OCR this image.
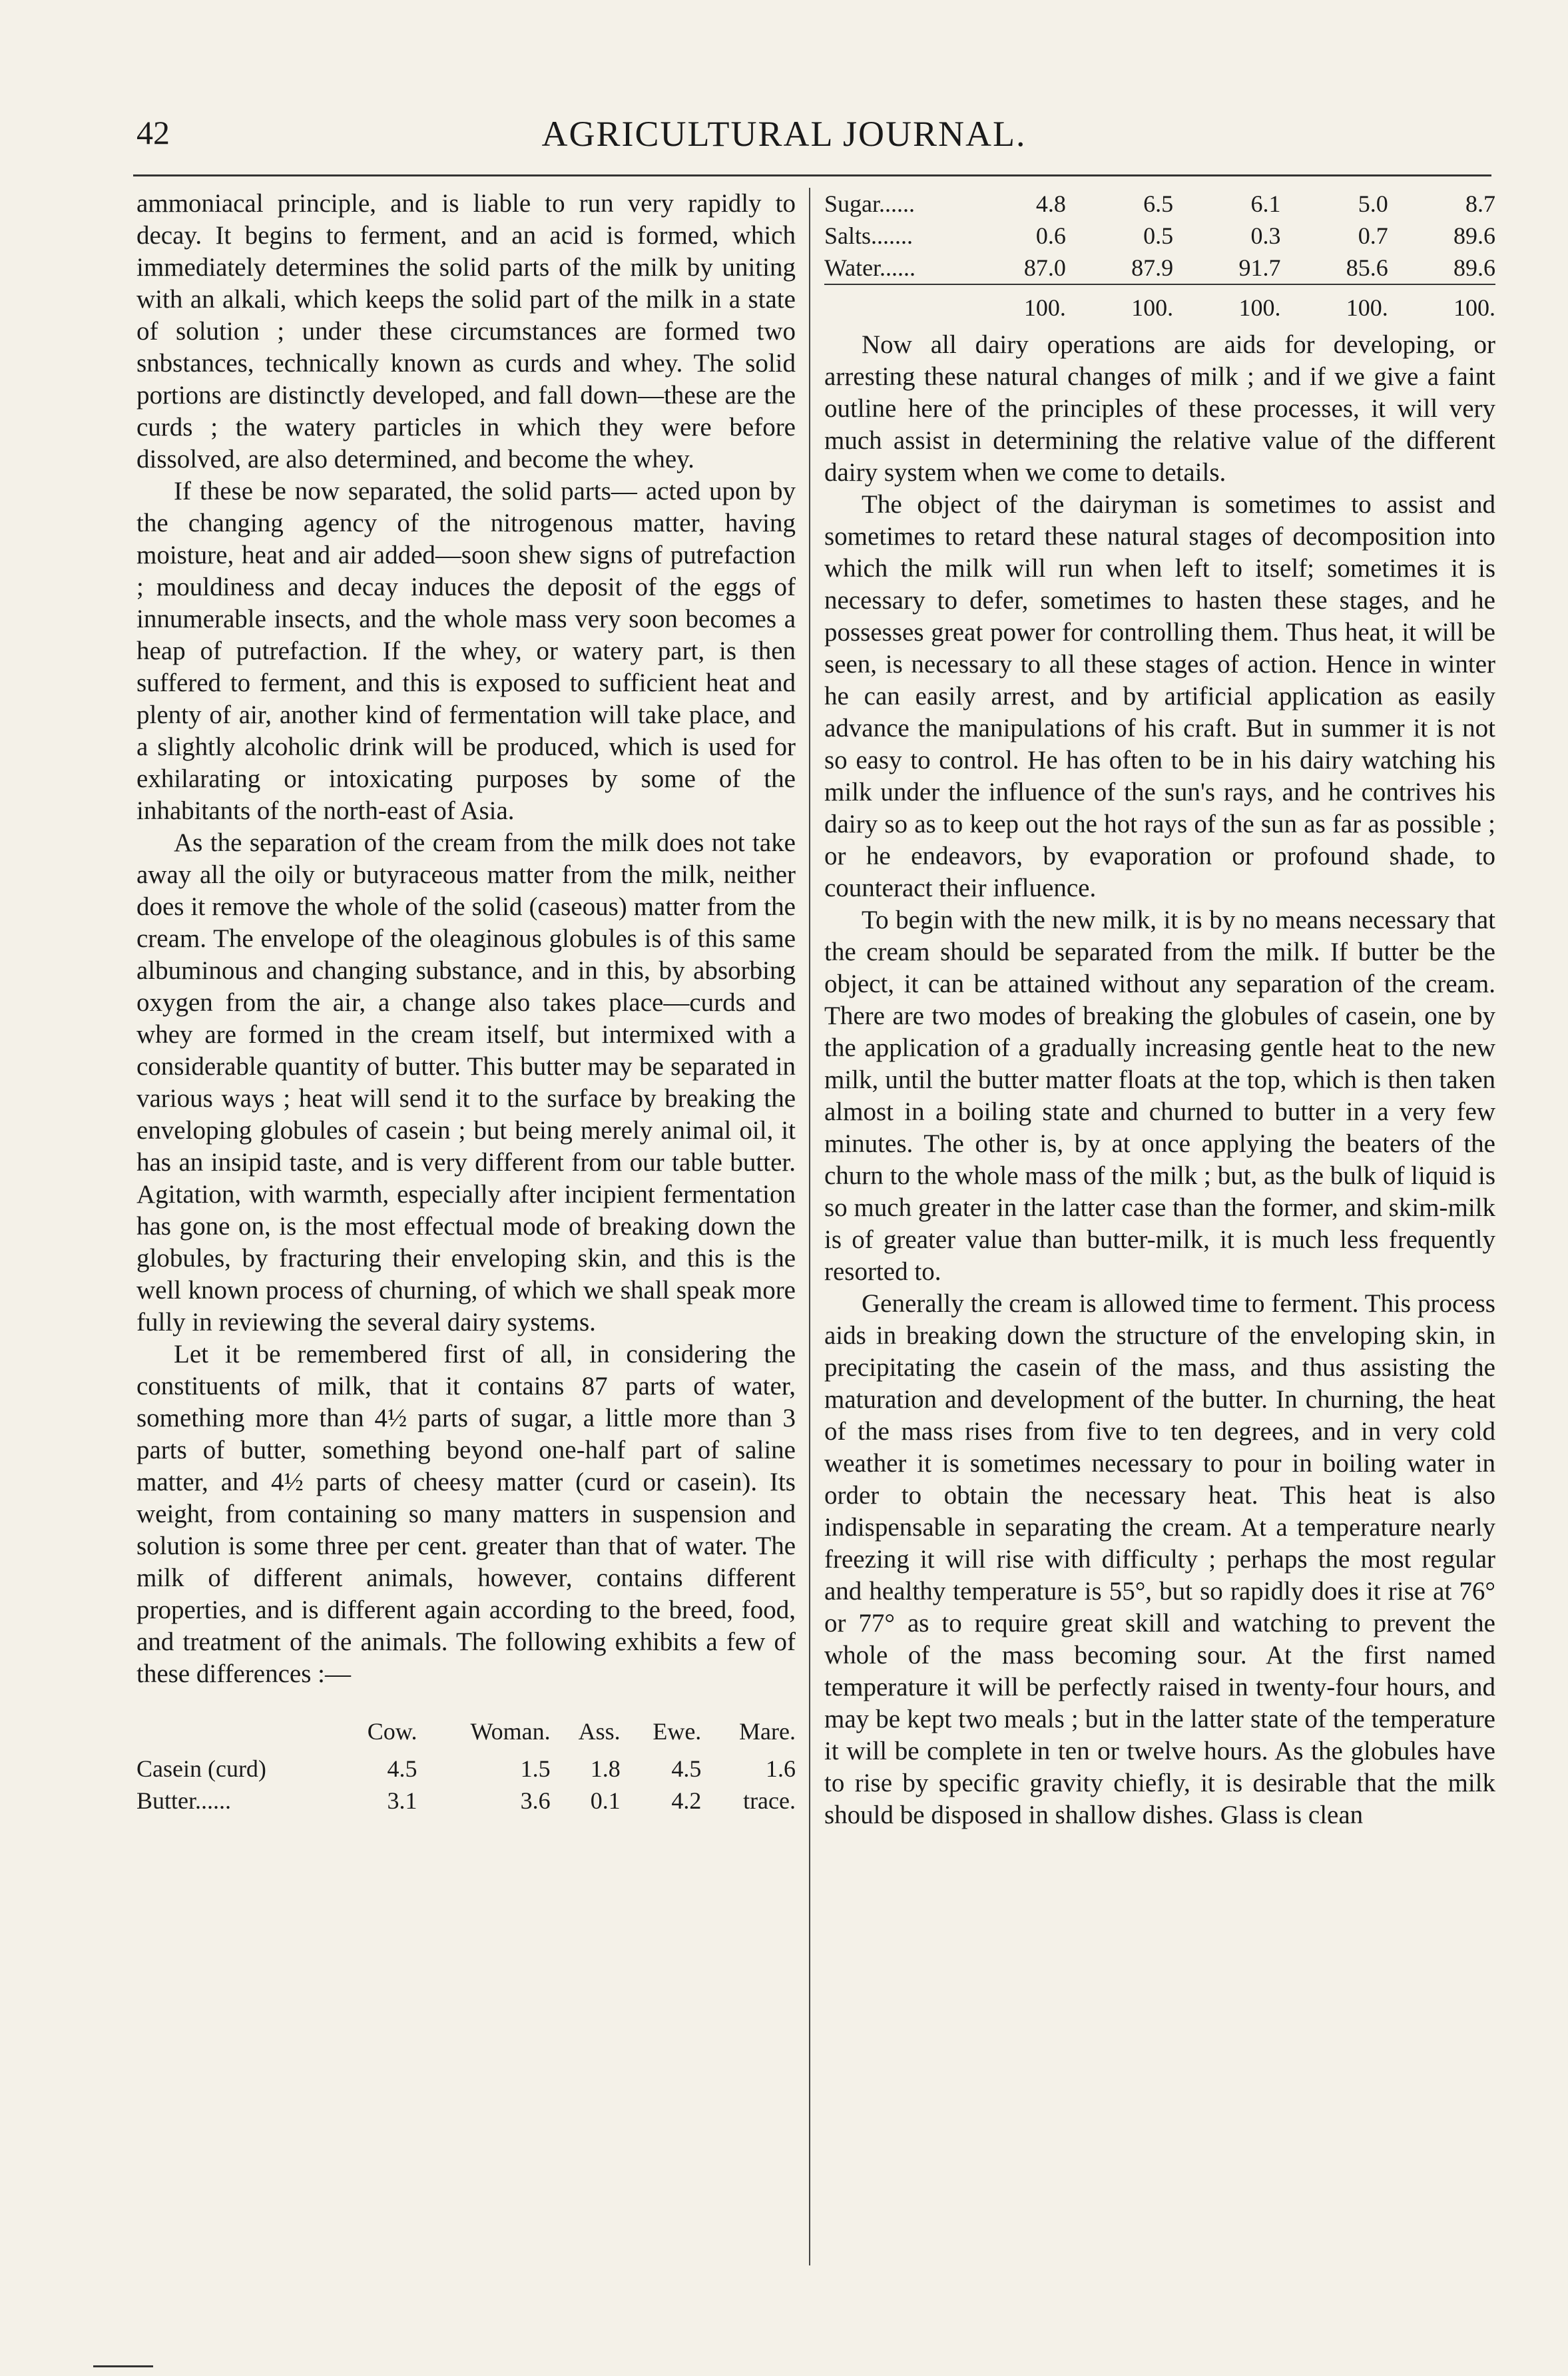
42	AGRICULTURAL JOURNAL.

ammoniacal principle, and is liable to run very rapidly to decay. It begins to ferment, and an acid is formed, which immediately determines the solid parts of the milk by uniting with an alkali, which keeps the solid part of the milk in a state of solution ; under these circumstances are formed two snbstances, technically known as curds and whey. The solid portions are distinctly developed, and fall down—these are the curds ; the watery particles in which they were before dissolved, are also determined, and become the whey.

If these be now separated, the solid parts— acted upon by the changing agency of the nitrogenous matter, having moisture, heat and air added—soon shew signs of putrefaction ; mouldiness and decay induces the deposit of the eggs of innumerable insects, and the whole mass very soon becomes a heap of putrefaction. If the whey, or watery part, is then suffered to ferment, and this is exposed to sufficient heat and plenty of air, another kind of fermentation will take place, and a slightly alcoholic drink will be produced, which is used for exhilarating or intoxicating purposes by some of the inhabitants of the north-east of Asia.

As the separation of the cream from the milk does not take away all the oily or butyraceous matter from the milk, neither does it remove the whole of the solid (caseous) matter from the cream. The envelope of the oleaginous globules is of this same albuminous and changing substance, and in this, by absorbing oxygen from the air, a change also takes place—curds and whey are formed in the cream itself, but intermixed with a considerable quantity of butter. This butter may be separated in various ways ; heat will send it to the surface by breaking the enveloping globules of casein ; but being merely animal oil, it has an insipid taste, and is very different from our table butter. Agitation, with warmth, especially after incipient fermentation has gone on, is the most effectual mode of breaking down the globules, by fracturing their enveloping skin, and this is the well known process of churning, of which we shall speak more fully in reviewing the several dairy systems.

Let it be remembered first of all, in considering the constituents of milk, that it contains 87 parts of water, something more than 4½ parts of sugar, a little more than 3 parts of butter, something beyond one-half part of saline matter, and 4½ parts of cheesy matter (curd or casein). Its weight, from containing so many matters in suspension and solution is some three per cent. greater than that of water. The milk of different animals, however, contains different properties, and is different again according to the breed, food, and treatment of the animals. The following exhibits a few of these differences :—

	Cow.	Woman.	Ass.	Ewe.	Mare.
Casein (curd)	4.5	1.5	1.8	4.5	1.6
Butter......	3.1	3.6	0.1	4.2	trace.
Sugar......	4.8	6.5	6.1	5.0	8.7
Salts.......	0.6	0.5	0.3	0.7	89.6
Water......	87.0	87.9	91.7	85.6	89.6
	100.	100.	100.	100.	100.

Now all dairy operations are aids for developing, or arresting these natural changes of milk ; and if we give a faint outline here of the principles of these processes, it will very much assist in determining the relative value of the different dairy system when we come to details.

The object of the dairyman is sometimes to assist and sometimes to retard these natural stages of decomposition into which the milk will run when left to itself; sometimes it is necessary to defer, sometimes to hasten these stages, and he possesses great power for controlling them. Thus heat, it will be seen, is necessary to all these stages of action. Hence in winter he can easily arrest, and by artificial application as easily advance the manipulations of his craft. But in summer it is not so easy to control. He has often to be in his dairy watching his milk under the influence of the sun's rays, and he contrives his dairy so as to keep out the hot rays of the sun as far as possible ; or he endeavors, by evaporation or profound shade, to counteract their influence.

To begin with the new milk, it is by no means necessary that the cream should be separated from the milk. If butter be the object, it can be attained without any separation of the cream. There are two modes of breaking the globules of casein, one by the application of a gradually increasing gentle heat to the new milk, until the butter matter floats at the top, which is then taken almost in a boiling state and churned to butter in a very few minutes. The other is, by at once applying the beaters of the churn to the whole mass of the milk ; but, as the bulk of liquid is so much greater in the latter case than the former, and skim-milk is of greater value than butter-milk, it is much less frequently resorted to.

Generally the cream is allowed time to ferment. This process aids in breaking down the structure of the enveloping skin, in precipitating the casein of the mass, and thus assisting the maturation and development of the butter. In churning, the heat of the mass rises from five to ten degrees, and in very cold weather it is sometimes necessary to pour in boiling water in order to obtain the necessary heat. This heat is also indispensable in separating the cream. At a temperature nearly freezing it will rise with difficulty ; perhaps the most regular and healthy temperature is 55°, but so rapidly does it rise at 76° or 77° as to require great skill and watching to prevent the whole of the mass becoming sour. At the first named temperature it will be perfectly raised in twenty-four hours, and may be kept two meals ; but in the latter state of the temperature it will be complete in ten or twelve hours. As the globules have to rise by specific gravity chiefly, it is desirable that the milk should be disposed in shallow dishes. Glass is clean
